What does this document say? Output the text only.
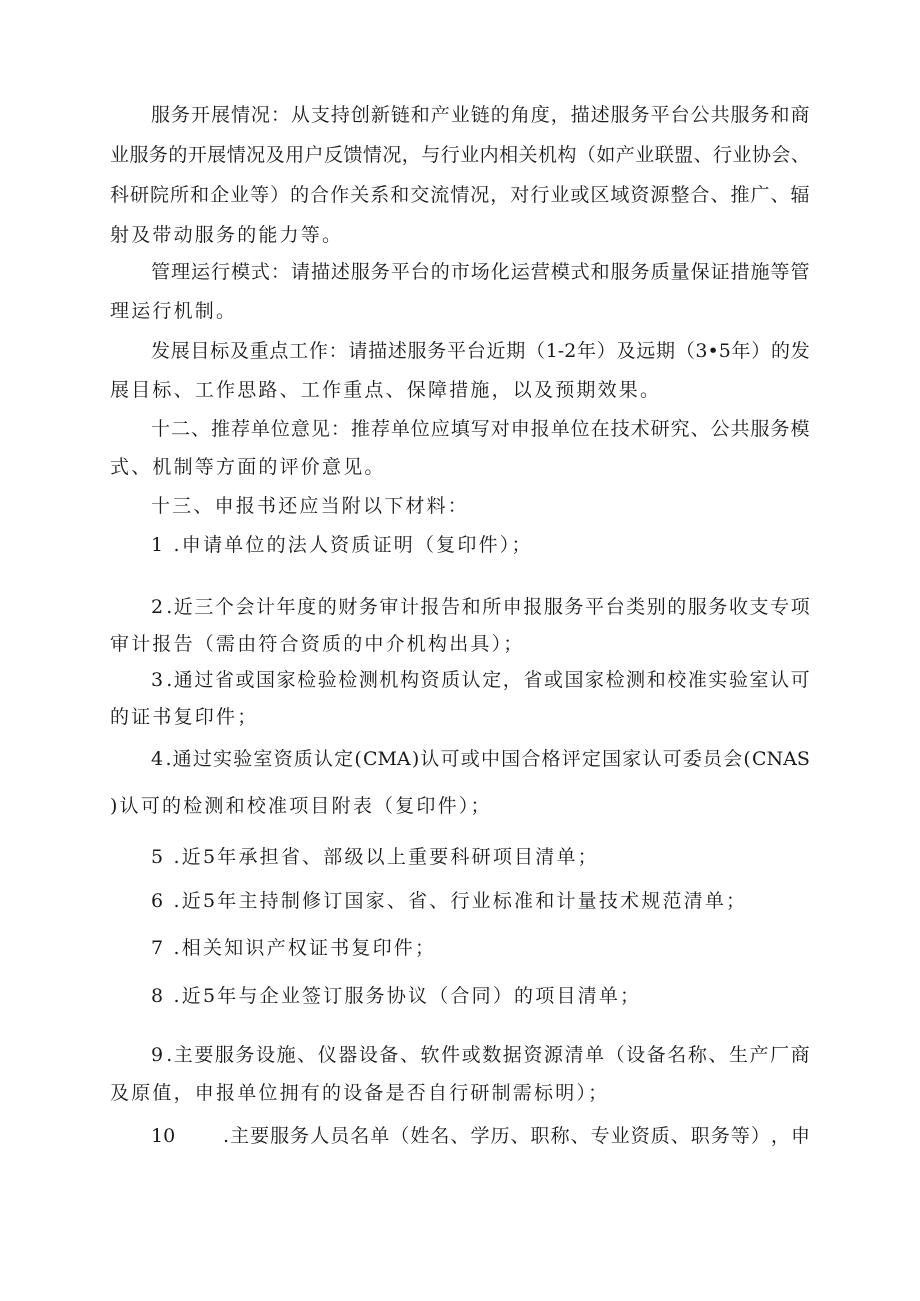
服 务 开 展 情 况 ： 从 支 持 创 新 链 和 产 业 链 的 角 度 ， 描 述 服 务 平 台 公 共 服 务 和 商
业 服 务 的 开 展 情 况 及 用 户 反 馈 情 况 ， 与 行 业 内 相 关 机 构 （ 如 产 业 联 盟 、 行 业 协 会 、
科 研 院 所 和 企 业 等 ） 的 合 作 关 系 和 交 流 情 况 ， 对 行 业 或 区 域 资 源 整 合 、 推 广 、 辐
射及带动服务的能力等。
管 理 运 行 模 式 ： 请 描 述 服 务 平 台 的 市 场 化 运 营 模 式 和 服 务 质 量 保 证 措 施 等 管
理运行机制。
发 展 目 标 及 重 点 工 作 ： 请 描 述 服 务 平 台 近 期 （ 1-2 年 ） 及 远 期 （ 3•5 年 ） 的 发
展目标、工作思路、工作重点、保障措施，以及预期效果。
十 二 、 推 荐 单 位 意 见 ： 推 荐 单 位 应 填 写 对 申 报 单 位 在 技 术 研 究 、 公 共 服 务 模
式、机制等方面的评价意见。
十三、申报书还应当附以下材料：
1 .申请单位的法人资质证明（复印件）；
2 . 近 三 个 会 计 年 度 的 财 务 审 计 报 告 和 所 申 报 服 务 平 台 类 别 的 服 务 收 支 专 项
审计报告（需由符合资质的中介机构出具）；
3 . 通 过 省 或 国 家 检 验 检 测 机 构 资 质 认 定 ， 省 或 国 家 检 测 和 校 准 实 验 室 认 可
的证书复印件；
4 . 通 过 实 验 室 资 质 认 定 ( CMA ) 认 可 或 中 国 合 格 评 定 国 家 认 可 委 员 会 ( CNAS
)认可的检测和校准项目附表（复印件）；
5 .近5年承担省、部级以上重要科研项目清单；
6 .近5年主持制修订国家、省、行业标准和计量技术规范清单；
7 .相关知识产权证书复印件；
8 .近5年与企业签订服务协议（合同）的项目清单；
9 . 主 要 服 务 设 施 、 仪 器 设 备 、 软 件 或 数 据 资 源 清 单 （ 设 备 名 称 、 生 产 厂 商
及原值，申报单位拥有的设备是否自行研制需标明）；
10	. 主 要 服 务 人 员 名 单 （ 姓 名 、 学 历 、 职 称 、 专 业 资 质 、 职 务 等 ） ， 申
